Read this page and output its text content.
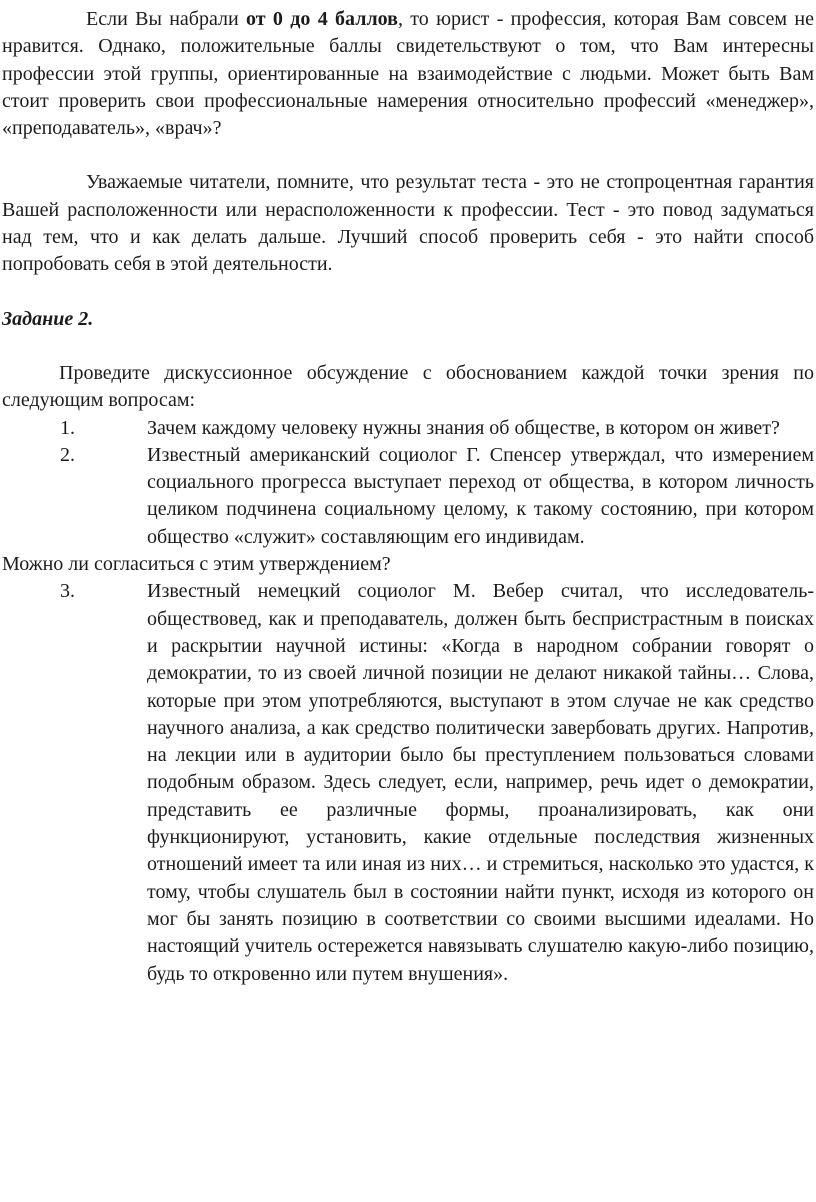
Если Вы набрали от 0 до 4 баллов, то юрист - профессия, которая Вам совсем не нравится. Однако, положительные баллы свидетельствуют о том, что Вам интересны профессии этой группы, ориентированные на взаимодействие с людьми. Может быть Вам стоит проверить свои профессиональные намерения относительно профессий «менеджер», «преподаватель», «врач»?

Уважаемые читатели, помните, что результат теста - это не стопроцентная гарантия Вашей расположенности или нерасположенности к профессии. Тест - это повод задуматься над тем, что и как делать дальше. Лучший способ проверить себя - это найти способ попробовать себя в этой деятельности.

Задание 2.

Проведите дискуссионное обсуждение с обоснованием каждой точки зрения по следующим вопросам:

1.	Зачем каждому человеку нужны знания об обществе, в котором он живет?
2.	Известный американский социолог Г. Спенсер утверждал, что измерением социального прогресса выступает переход от общества, в котором личность целиком подчинена социальному целому, к такому состоянию, при котором общество «служит» составляющим его индивидам.

Можно ли согласиться с этим утверждением?

3.	Известный немецкий социолог М. Вебер считал, что исследователь-обществовед, как и преподаватель, должен быть беспристрастным в поисках и раскрытии научной истины: «Когда в народном собрании говорят о демократии, то из своей личной позиции не делают никакой тайны… Слова, которые при этом употребляются, выступают в этом случае не как средство научного анализа, а как средство политически завербовать других. Напротив, на лекции или в аудитории было бы преступлением пользоваться словами подобным образом. Здесь следует, если, например, речь идет о демократии, представить ее различные формы, проанализировать, как они функционируют, установить, какие отдельные последствия жизненных отношений имеет та или иная из них… и стремиться, насколько это удастся, к тому, чтобы слушатель был в состоянии найти пункт, исходя из которого он мог бы занять позицию в соответствии со своими высшими идеалами. Но настоящий учитель остережется навязывать слушателю какую-либо позицию, будь то откровенно или путем внушения».
